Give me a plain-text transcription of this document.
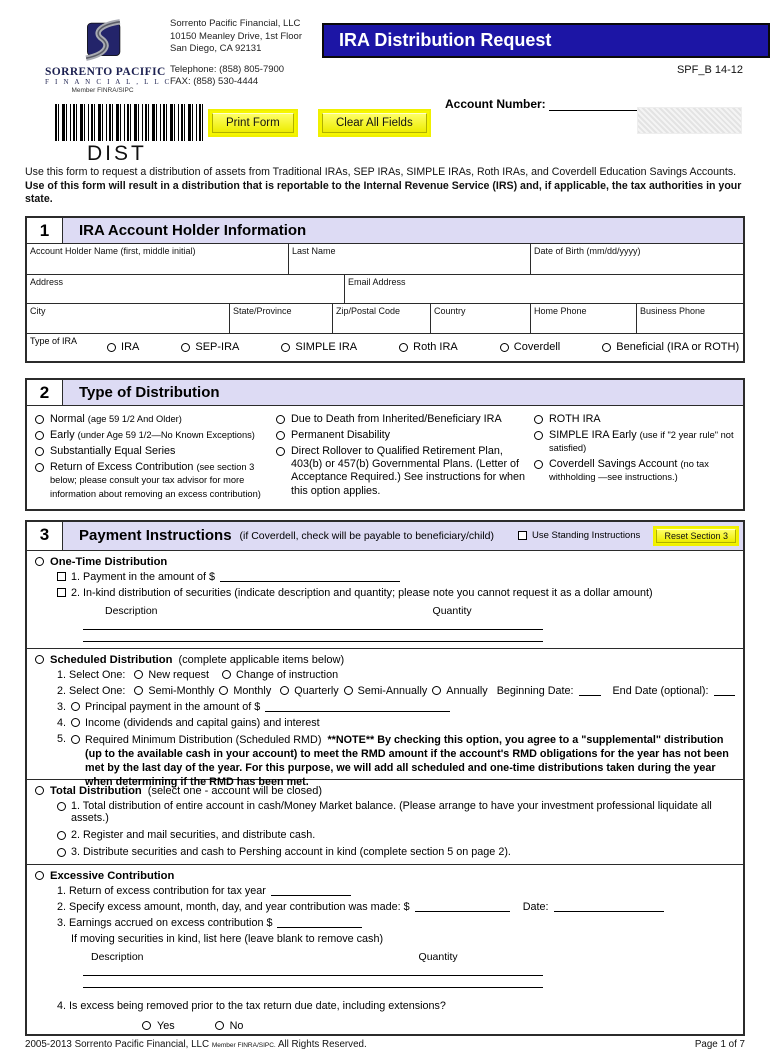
SORRENTO PACIFIC
F I N A N C I A L , L L C
Member FINRA/SIPC
Sorrento Pacific Financial, LLC
10150 Meanley Drive, 1st Floor
San Diego, CA 92131
Telephone: (858) 805-7900
FAX: (858) 530-4444
IRA Distribution Request
SPF_B 14-12
Account Number:
DIST
Print Form	Clear All Fields
Use this form to request a distribution of assets from Traditional IRAs, SEP IRAs, SIMPLE IRAs, Roth IRAs, and Coverdell Education Savings Accounts. Use of this form will result in a distribution that is reportable to the Internal Revenue Service (IRS) and, if applicable, the tax authorities in your state.
1	IRA Account Holder Information
Account Holder Name (first, middle initial)	Last Name	Date of Birth (mm/dd/yyyy)
Address	Email Address
City	State/Province	Zip/Postal Code	Country	Home Phone	Business Phone
Type of IRA
IRA	SEP-IRA	SIMPLE IRA	Roth IRA	Coverdell	Beneficial (IRA or ROTH)
2	Type of Distribution
Normal (age 59 1/2 And Older)
Early (under Age 59 1/2—No Known Exceptions)
Substantially Equal Series
Return of Excess Contribution (see section 3 below; please consult your tax advisor for more information about removing an excess contribution)
Due to Death from Inherited/Beneficiary IRA
Permanent Disability
Direct Rollover to Qualified Retirement Plan, 403(b) or 457(b) Governmental Plans. (Letter of Acceptance Required.) See instructions for when this option applies.
ROTH IRA
SIMPLE IRA Early (use if "2 year rule" not satisfied)
Coverdell Savings Account (no tax withholding —see instructions.)
3	Payment Instructions (if Coverdell, check will be payable to beneficiary/child)	Use Standing Instructions	Reset Section 3
One-Time Distribution
1. Payment in the amount of $
2. In-kind distribution of securities (indicate description and quantity; please note you cannot request it as a dollar amount)
Description	Quantity
Scheduled Distribution (complete applicable items below)
1. Select One: New request	Change of instruction
2. Select One: Semi-Monthly Monthly Quarterly Semi-Annually Annually Beginning Date:	End Date (optional):
3. Principal payment in the amount of $
4. Income (dividends and capital gains) and interest
5. Required Minimum Distribution (Scheduled RMD) **NOTE** By checking this option, you agree to a "supplemental" distribution (up to the available cash in your account) to meet the RMD amount if the account's RMD obligations for the year has not been met by the last day of the year. For this purpose, we will add all scheduled and one-time distributions taken during the year when determining if the RMD has been met.
Total Distribution (select one - account will be closed)
1. Total distribution of entire account in cash/Money Market balance. (Please arrange to have your investment professional liquidate all assets.)
2. Register and mail securities, and distribute cash.
3. Distribute securities and cash to Pershing account in kind (complete section 5 on page 2).
Excessive Contribution
1. Return of excess contribution for tax year
2. Specify excess amount, month, day, and year contribution was made: $	Date:
3. Earnings accrued on excess contribution $
If moving securities in kind, list here (leave blank to remove cash)
Description	Quantity
4. Is excess being removed prior to the tax return due date, including extensions?
Yes	No
2005-2013 Sorrento Pacific Financial, LLC Member FINRA/SIPC. All Rights Reserved.	Page 1 of 7
